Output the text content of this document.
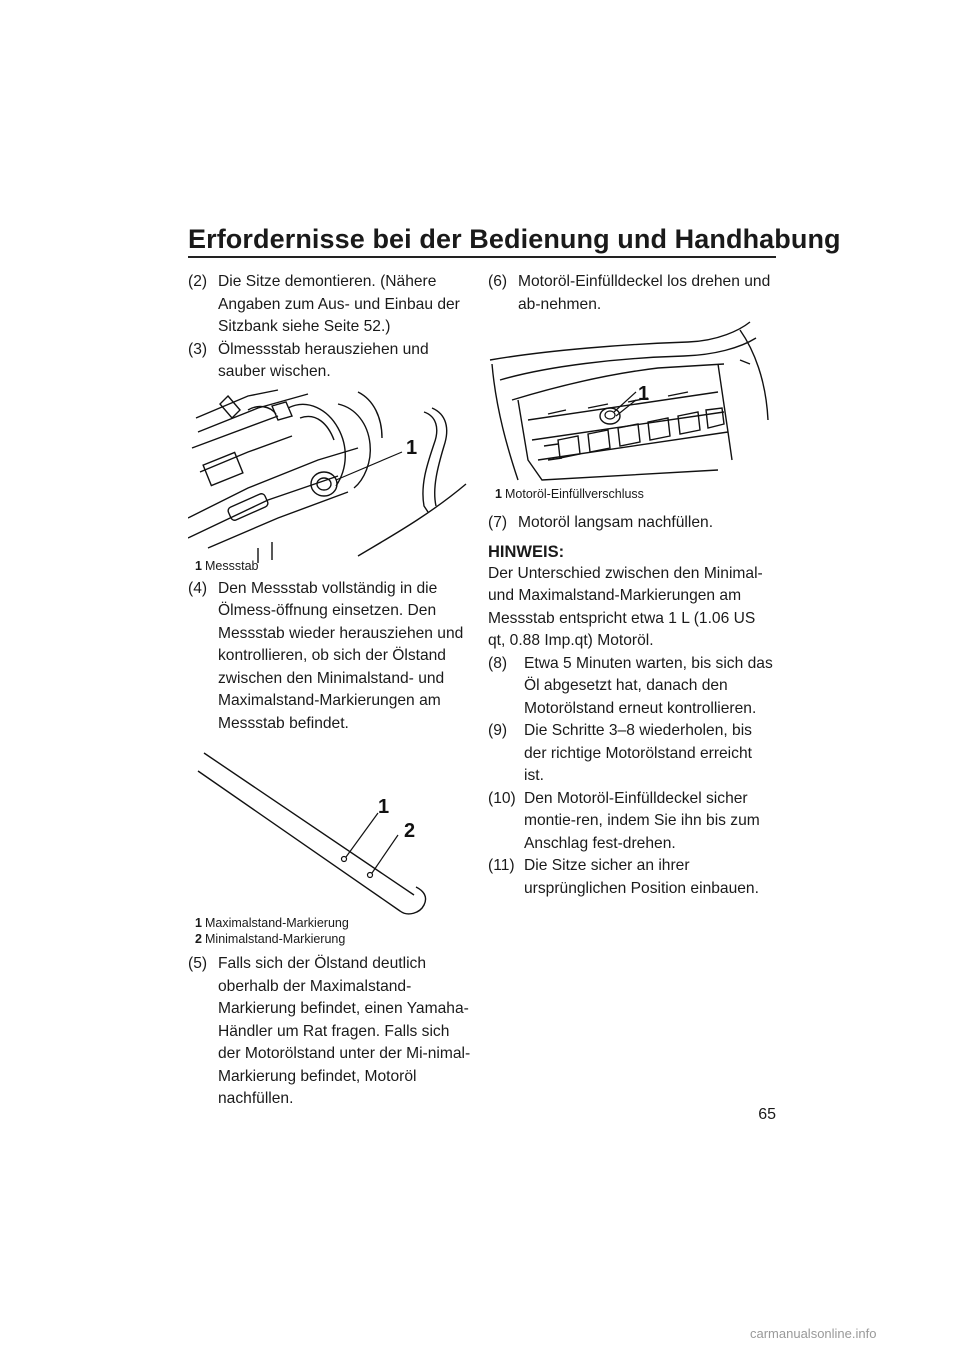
Erfordernisse bei der Bedienung und Handhabung
(2) Die Sitze demontieren. (Nähere Angaben zum Aus- und Einbau der Sitzbank siehe Seite 52.)
(3) Ölmessstab herausziehen und sauber wischen.
1
1 Messstab
(4) Den Messstab vollständig in die Ölmess-öffnung einsetzen. Den Messstab wieder herausziehen und kontrollieren, ob sich der Ölstand zwischen den Minimalstand- und Maximalstand-Markierungen am Messstab befindet.
1
2
1 Maximalstand-Markierung
2 Minimalstand-Markierung
(5) Falls sich der Ölstand deutlich oberhalb der Maximalstand-Markierung befindet, einen Yamaha-Händler um Rat fragen. Falls sich der Motorölstand unter der Mi-nimal-Markierung befindet, Motoröl nachfüllen.
(6) Motoröl-Einfülldeckel los drehen und ab-nehmen.
1
1 Motoröl-Einfüllverschluss
(7) Motoröl langsam nachfüllen.
HINWEIS:

Der Unterschied zwischen den Minimal- und Maximalstand-Markierungen am Messstab entspricht etwa 1 L (1.06 US qt, 0.88 Imp.qt) Motoröl.

(8)	Etwa 5 Minuten warten, bis sich das Öl abgesetzt hat, danach den Motorölstand erneut kontrollieren.
(9)	Die Schritte 3–8 wiederholen, bis der richtige Motorölstand erreicht ist.
(10) Den Motoröl-Einfülldeckel sicher montie-ren, indem Sie ihn bis zum Anschlag fest-drehen.
(11) Die Sitze sicher an ihrer ursprünglichen Position einbauen.
65
carmanualsonline.info
